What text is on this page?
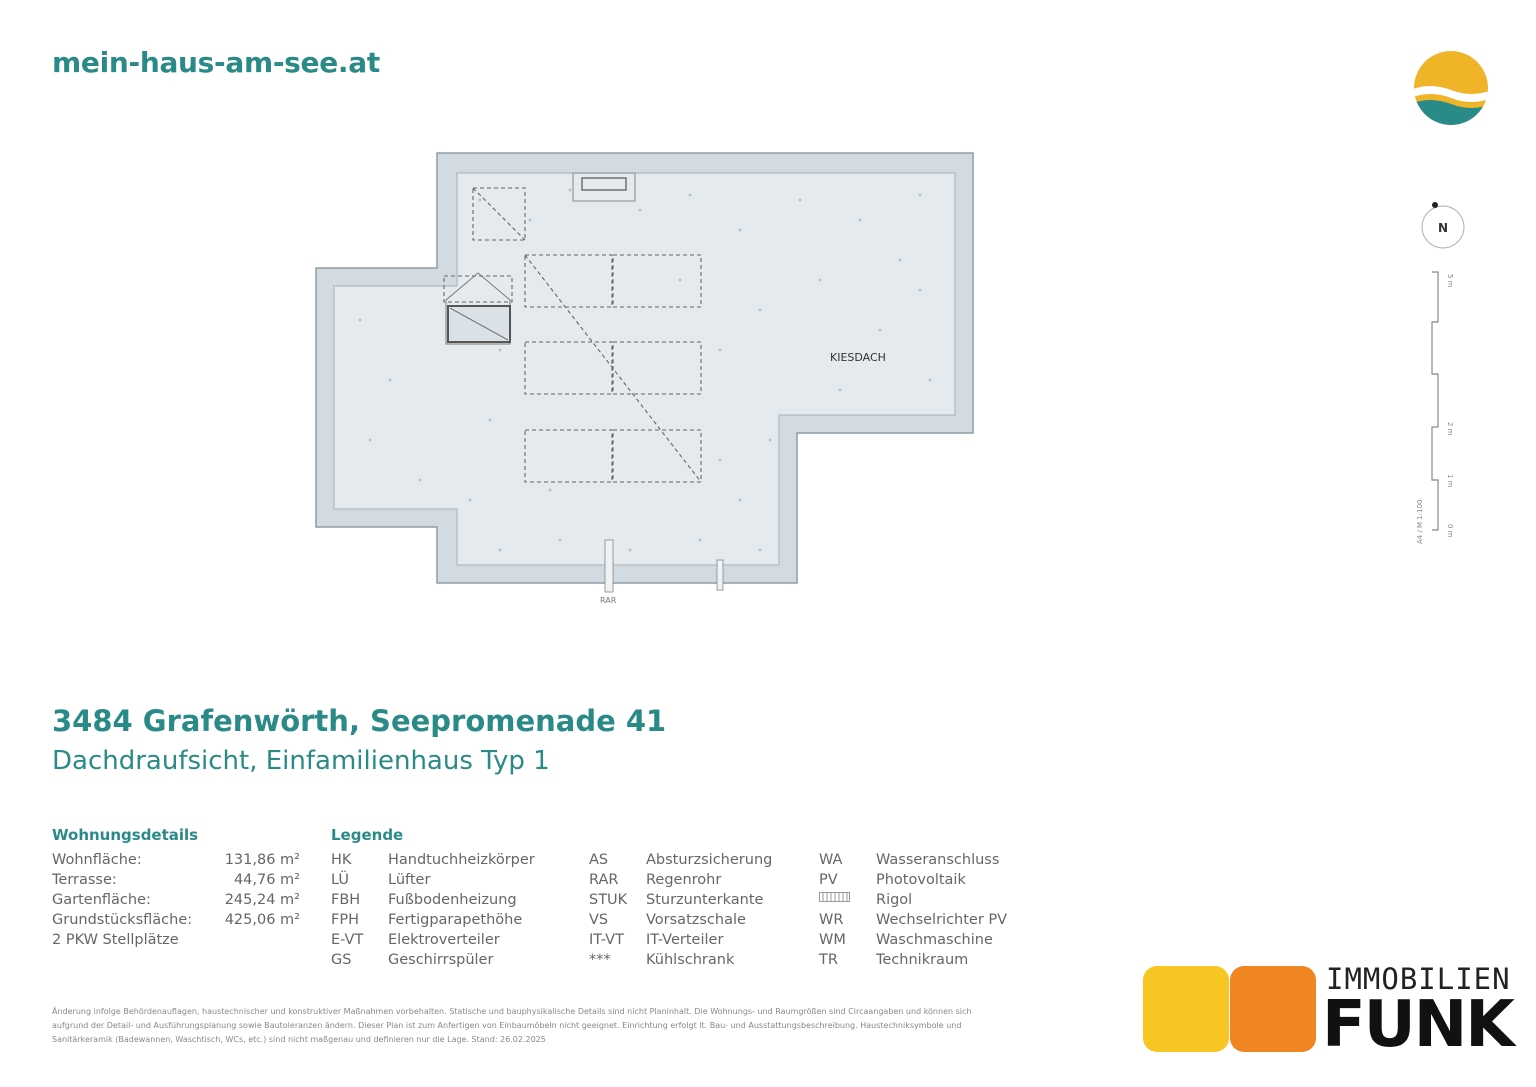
mein-haus-am-see.at
N
5 m
2 m
1 m
0 m
A4 / M 1:100
KIESDACH
RAR
3484 Grafenwörth, Seepromenade 41
Dachdraufsicht, Einfamilienhaus Typ 1
Wohnungsdetails
Wohnfläche:
Terrasse:
Gartenfläche:
Grundstücksfläche:
2 PKW Stellplätze
131,86 m²
44,76 m²
245,24 m²
425,06 m²
Legende
HK
LÜ
FBH
FPH
E-VT
GS
Handtuchheizkörper
Lüfter
Fußbodenheizung
Fertigparapethöhe
Elektroverteiler
Geschirrspüler
AS
RAR
STUK
VS
IT-VT
***
Absturzsicherung
Regenrohr
Sturzunterkante
Vorsatzschale
IT-Verteiler
Kühlschrank
WA
PV
WR
WM
TR
Wasseranschluss
Photovoltaik
Rigol
Wechselrichter PV
Waschmaschine
Technikraum
Änderung infolge Behördenauflagen, haustechnischer und konstruktiver Maßnahmen vorbehalten. Statische und bauphysikalische Details sind nicht Planinhalt. Die Wohnungs- und Raumgrößen sind Circaangaben und können sich aufgrund der Detail- und Ausführungsplanung sowie Bautoleranzen ändern. Dieser Plan ist zum Anfertigen von Einbaumöbeln nicht geeignet. Einrichtung erfolgt lt. Bau- und Ausstattungsbeschreibung. Haustechniksymbole und Sanitärkeramik (Badewannen, Waschtisch, WCs, etc.) sind nicht maßgenau und definieren nur die Lage. Stand: 26.02.2025
IMMOBILIEN
FUNK
